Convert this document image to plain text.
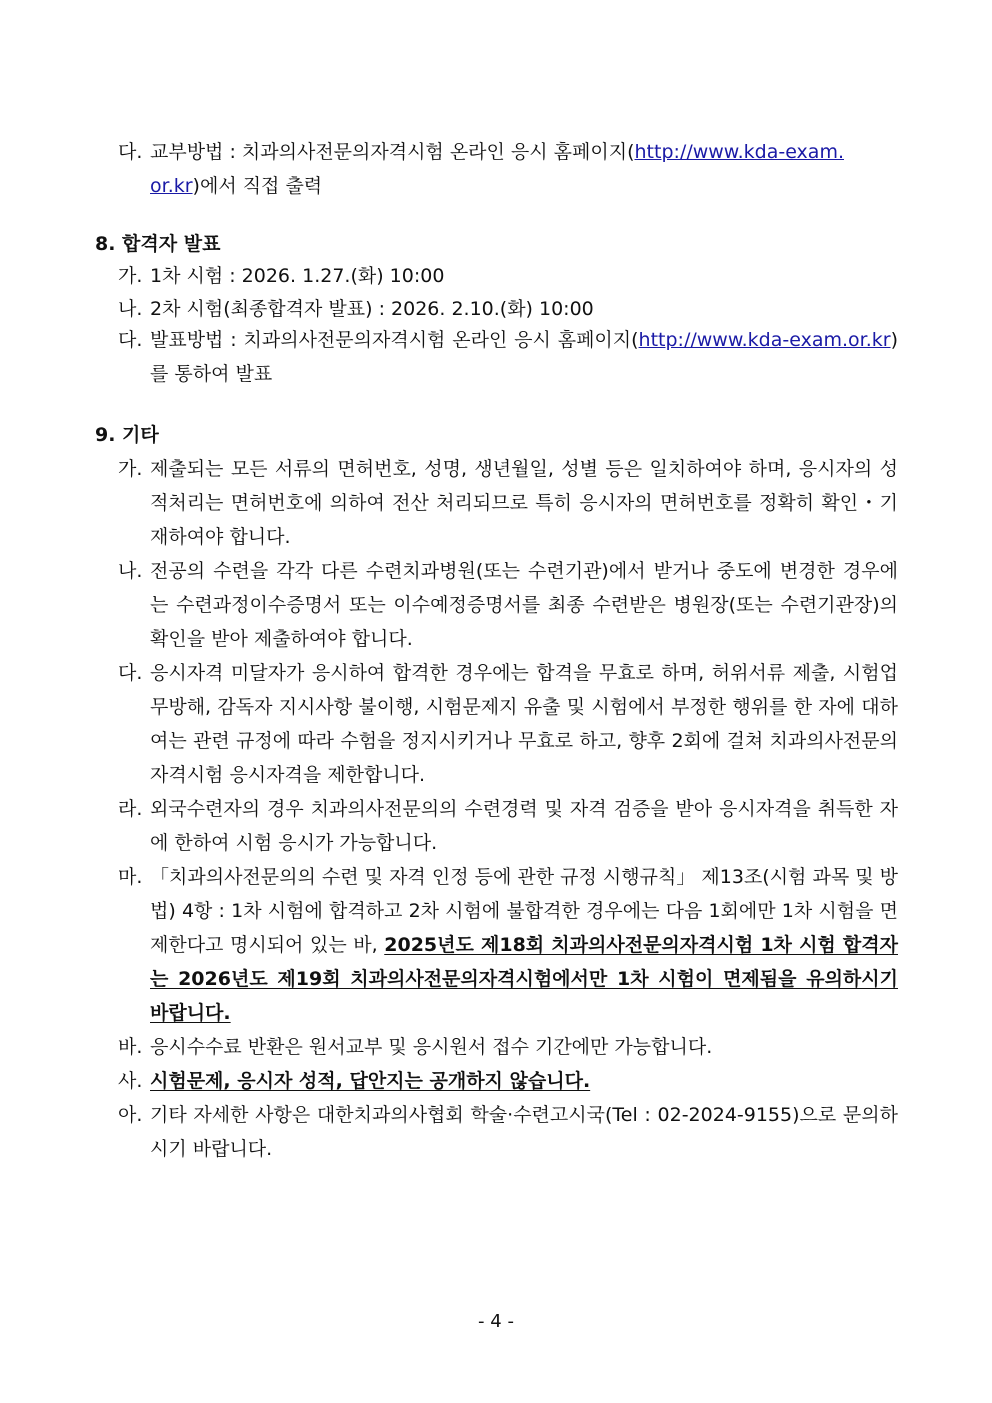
다. 교부방법 : 치과의사전문의자격시험 온라인 응시 홈페이지(http://www.kda-exam.
or.kr)에서 직접 출력
8. 합격자 발표
가. 1차 시험 : 2026. 1.27.(화) 10:00
나. 2차 시험(최종합격자 발표) : 2026. 2.10.(화) 10:00
다. 발표방법 : 치과의사전문의자격시험 온라인 응시 홈페이지(http://www.kda-exam.or.kr)를 통하여 발표
9. 기타
가. 제출되는 모든 서류의 면허번호, 성명, 생년월일, 성별 등은 일치하여야 하며, 응시자의 성적처리는 면허번호에 의하여 전산 처리되므로 특히 응시자의 면허번호를 정확히 확인・기재하여야 합니다.
나. 전공의 수련을 각각 다른 수련치과병원(또는 수련기관)에서 받거나 중도에 변경한 경우에는 수련과정이수증명서 또는 이수예정증명서를 최종 수련받은 병원장(또는 수련기관장)의 확인을 받아 제출하여야 합니다.
다. 응시자격 미달자가 응시하여 합격한 경우에는 합격을 무효로 하며, 허위서류 제출, 시험업무방해, 감독자 지시사항 불이행, 시험문제지 유출 및 시험에서 부정한 행위를 한 자에 대하여는 관련 규정에 따라 수험을 정지시키거나 무효로 하고, 향후 2회에 걸쳐 치과의사전문의자격시험 응시자격을 제한합니다.
라. 외국수련자의 경우 치과의사전문의의 수련경력 및 자격 검증을 받아 응시자격을 취득한 자에 한하여 시험 응시가 가능합니다.
마. 「치과의사전문의의 수련 및 자격 인정 등에 관한 규정 시행규칙」 제13조(시험 과목 및 방법) 4항 : 1차 시험에 합격하고 2차 시험에 불합격한 경우에는 다음 1회에만 1차 시험을 면제한다고 명시되어 있는 바, 2025년도 제18회 치과의사전문의자격시험 1차 시험 합격자는 2026년도 제19회 치과의사전문의자격시험에서만 1차 시험이 면제됨을 유의하시기 바랍니다.
바. 응시수수료 반환은 원서교부 및 응시원서 접수 기간에만 가능합니다.
사. 시험문제, 응시자 성적, 답안지는 공개하지 않습니다.
아. 기타 자세한 사항은 대한치과의사협회 학술·수련고시국(Tel : 02-2024-9155)으로 문의하시기 바랍니다.
- 4 -
